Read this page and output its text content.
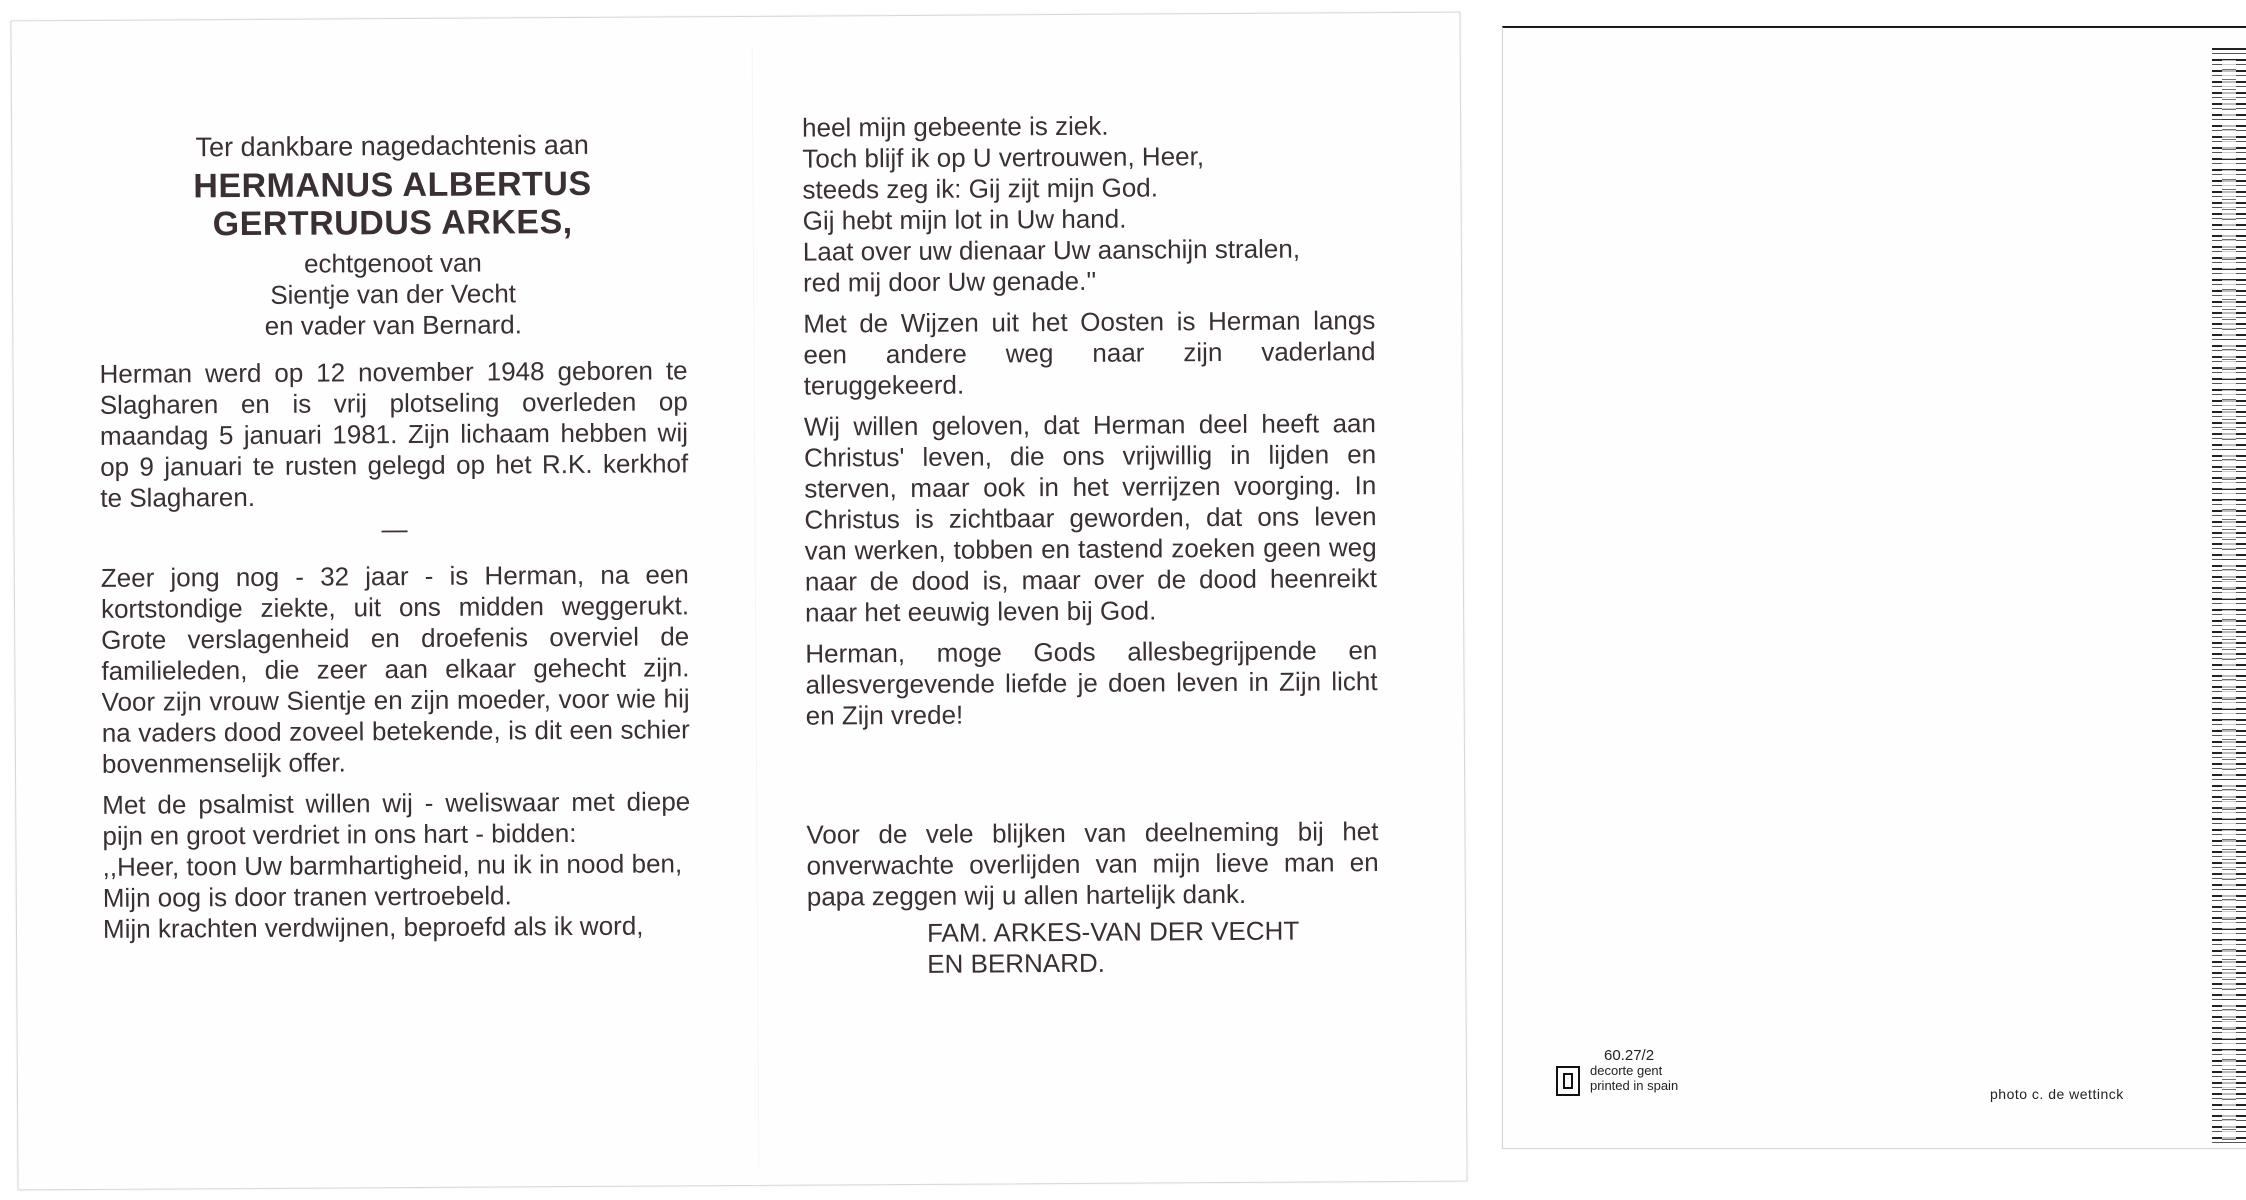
Ter dankbare nagedachtenis aan

HERMANUS ALBERTUS
GERTRUDUS ARKES,

echtgenoot van

Sientje van der Vecht

en vader van Bernard.

Herman werd op 12 november 1948 geboren te Slagharen en is vrij plotseling overleden op maandag 5 januari 1981. Zijn lichaam hebben wij op 9 januari te rusten gelegd op het R.K. kerkhof te Slagharen.

—

Zeer jong nog - 32 jaar - is Herman, na een kortstondige ziekte, uit ons midden weggerukt. Grote verslagenheid en droefenis overviel de familieleden, die zeer aan elkaar gehecht zijn. Voor zijn vrouw Sientje en zijn moeder, voor wie hij na vaders dood zoveel betekende, is dit een schier bovenmenselijk offer.

Met de psalmist willen wij - weliswaar met diepe pijn en groot verdriet in ons hart - bidden:

,,Heer, toon Uw barmhartigheid, nu ik in nood ben,

Mijn oog is door tranen vertroebeld.

Mijn krachten verdwijnen, beproefd als ik word,

heel mijn gebeente is ziek.

Toch blijf ik op U vertrouwen, Heer,

steeds zeg ik: Gij zijt mijn God.

Gij hebt mijn lot in Uw hand.

Laat over uw dienaar Uw aanschijn stralen,

red mij door Uw genade.''

Met de Wijzen uit het Oosten is Herman langs een andere weg naar zijn vaderland teruggekeerd.

Wij willen geloven, dat Herman deel heeft aan Christus' leven, die ons vrijwillig in lijden en sterven, maar ook in het verrijzen voorging. In Christus is zichtbaar geworden, dat ons leven van werken, tobben en tastend zoeken geen weg naar de dood is, maar over de dood heenreikt naar het eeuwig leven bij God.

Herman, moge Gods allesbegrijpende en allesvergevende liefde je doen leven in Zijn licht en Zijn vrede!

Voor de vele blijken van deelneming bij het onverwachte overlijden van mijn lieve man en papa zeggen wij u allen hartelijk dank.

FAM. ARKES-VAN DER VECHT
EN BERNARD.

60.27/2
decorte gent
printed in spain
photo c. de wettinck
